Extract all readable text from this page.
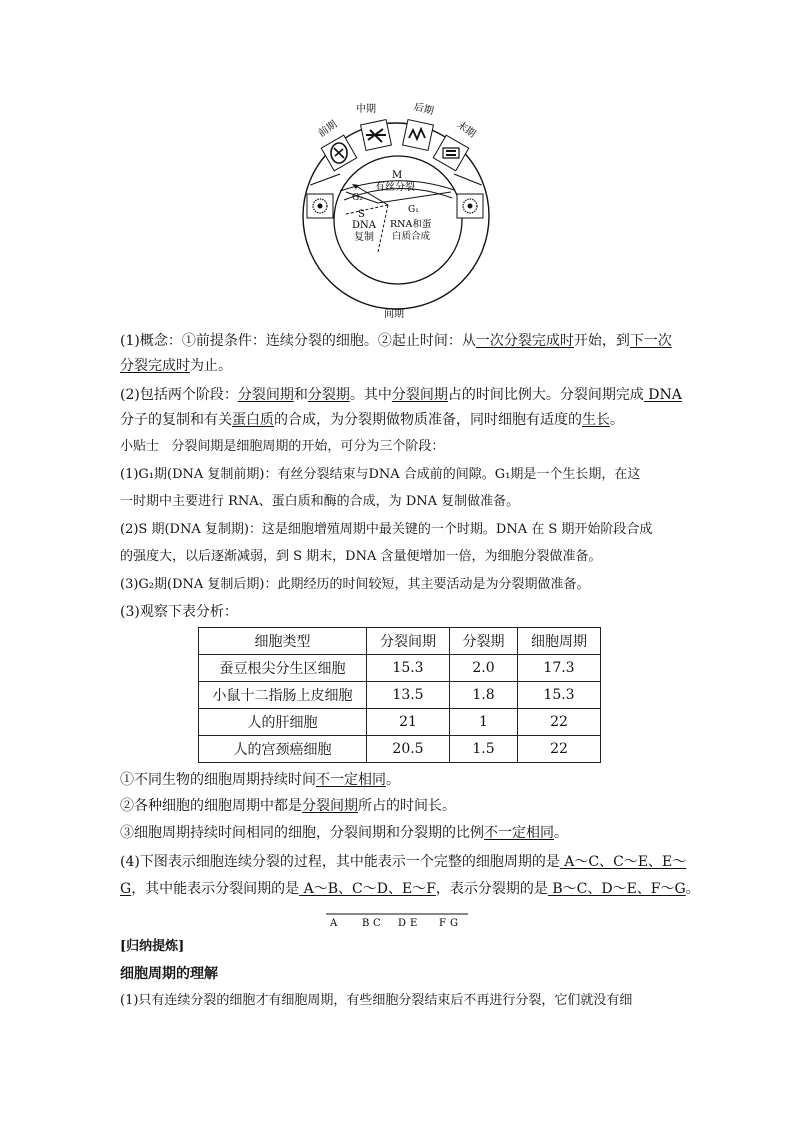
前期
中期	后期
末期
间期
M
有丝分裂
G₂
S
DNA
复制
G₁
RNA和蛋
白质合成
(1)概念：①前提条件：连续分裂的细胞。②起止时间：从一次分裂完成时开始，到下一次
分裂完成时为止。
(2)包括两个阶段：分裂间期和分裂期。其中分裂间期占的时间比例大。分裂间期完成 DNA
分子的复制和有关蛋白质的合成，为分裂期做物质准备，同时细胞有适度的生长。
小贴士 分裂间期是细胞周期的开始，可分为三个阶段：
(1)G₁期(DNA 复制前期)：有丝分裂结束与DNA 合成前的间隙。G₁期是一个生长期，在这
一时期中主要进行 RNA、蛋白质和酶的合成，为 DNA 复制做准备。
(2)S 期(DNA 复制期)：这是细胞增殖周期中最关键的一个时期。DNA 在 S 期开始阶段合成
的强度大，以后逐渐减弱，到 S 期末，DNA 含量便增加一倍，为细胞分裂做准备。
(3)G₂期(DNA 复制后期)：此期经历的时间较短，其主要活动是为分裂期做准备。
(3)观察下表分析：
细胞类型	分裂间期	分裂期	细胞周期
蚕豆根尖分生区细胞	15.3	2.0	17.3
小鼠十二指肠上皮细胞	13.5	1.8	15.3
人的肝细胞	21	1	22
人的宫颈癌细胞	20.5	1.5	22
①不同生物的细胞周期持续时间不一定相同。
②各种细胞的细胞周期中都是分裂间期所占的时间长。
③细胞周期持续时间相同的细胞，分裂间期和分裂期的比例不一定相同。
(4)下图表示细胞连续分裂的过程，其中能表示一个完整的细胞周期的是 A～C、C～E、E～
G，其中能表示分裂间期的是 A～B、C～D、E～F，表示分裂期的是 B～C、D～E、F～G。
A B C D E F G
[归纳提炼]
细胞周期的理解
(1)只有连续分裂的细胞才有细胞周期，有些细胞分裂结束后不再进行分裂，它们就没有细
